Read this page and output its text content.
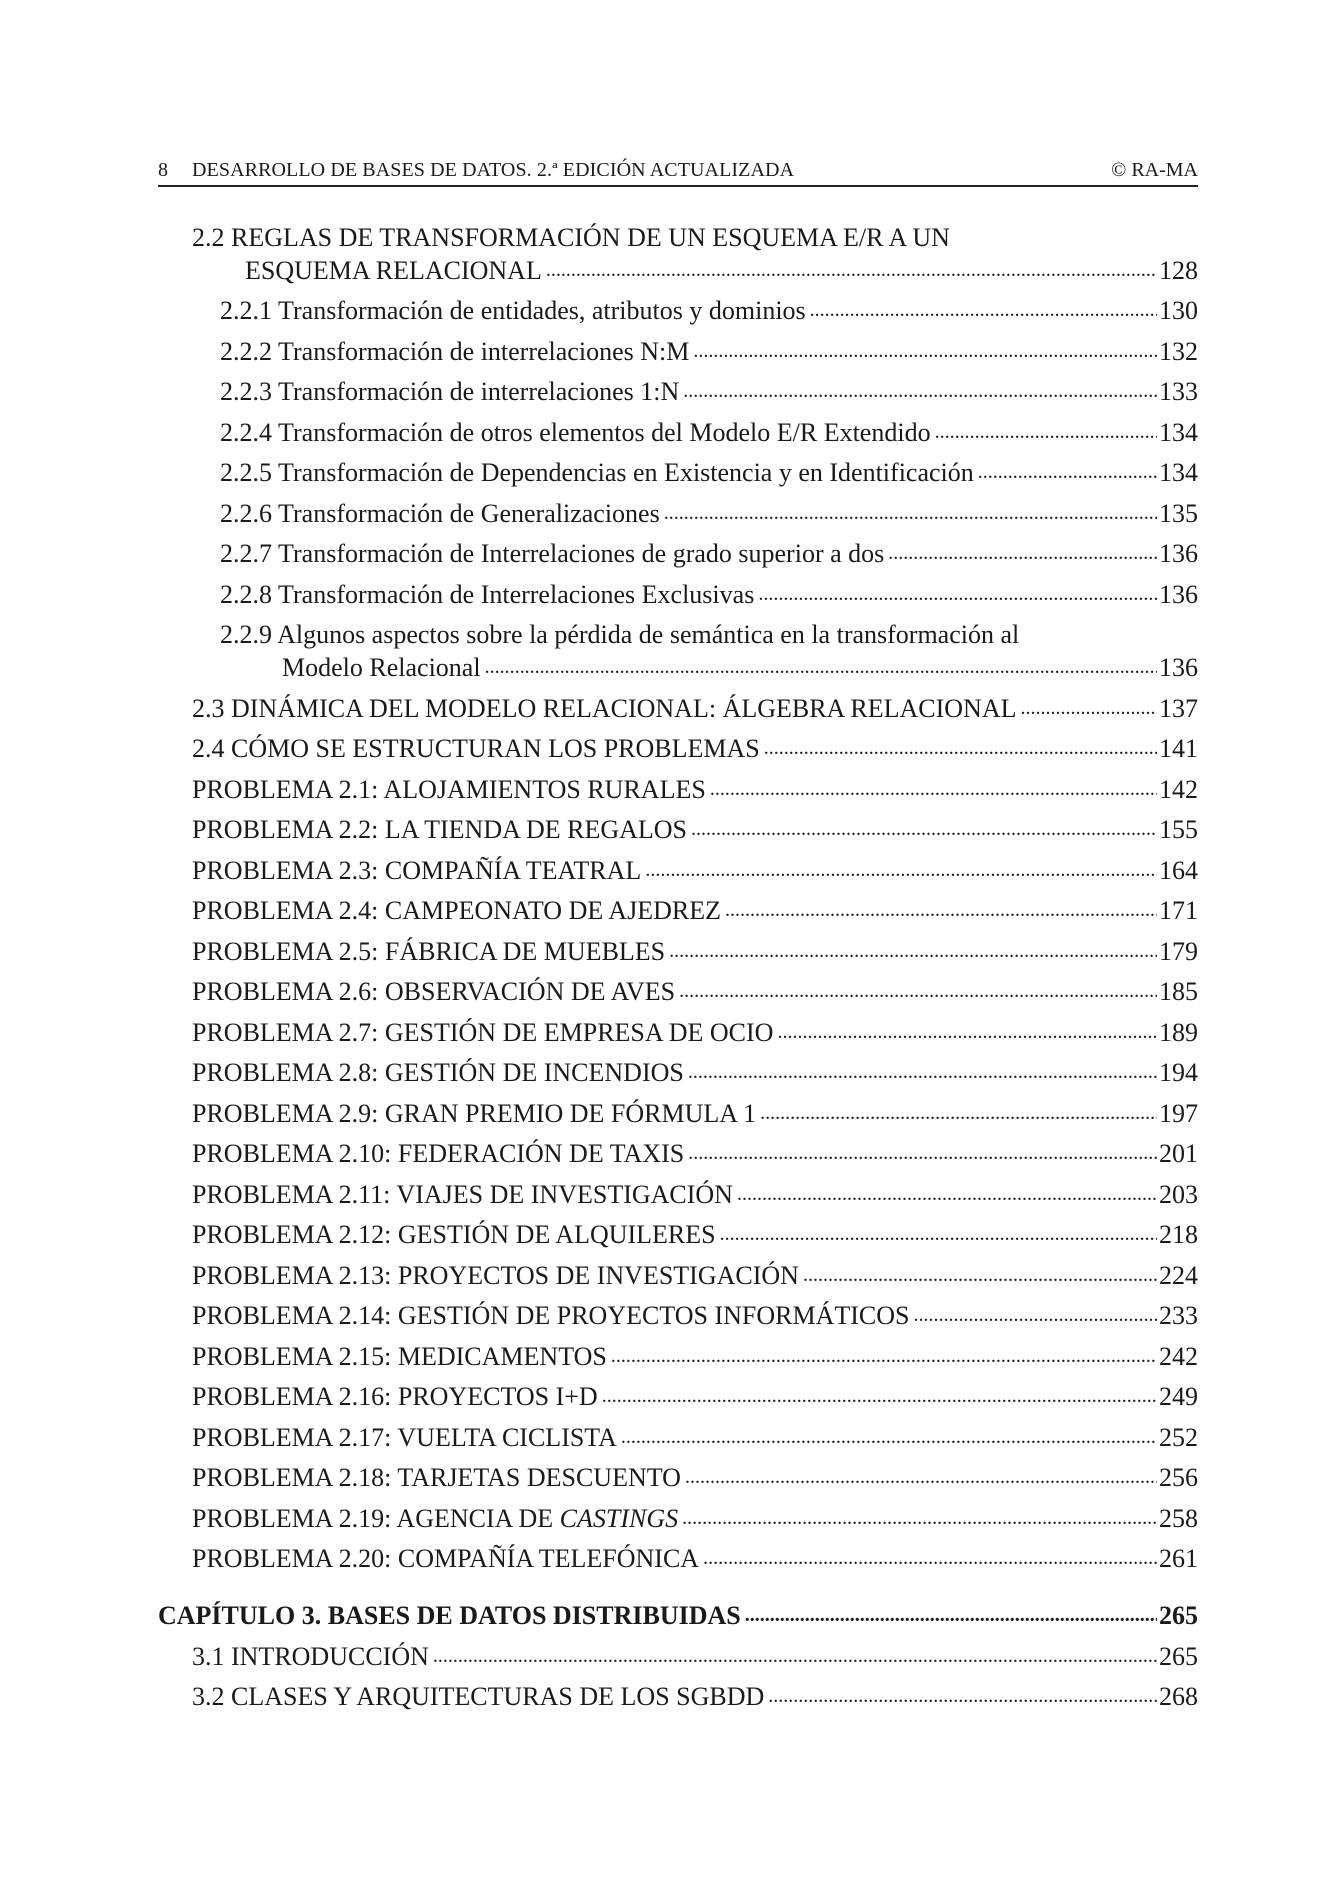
8 DESARROLLO DE BASES DE DATOS. 2.ª EDICIÓN ACTUALIZADA	© RA-MA
2.2 REGLAS DE TRANSFORMACIÓN DE UN ESQUEMA E/R A UN
ESQUEMA RELACIONAL .....	128
2.2.1 Transformación de entidades, atributos y dominios .....	130
2.2.2 Transformación de interrelaciones N:M .....	132
2.2.3 Transformación de interrelaciones 1:N .....	133
2.2.4 Transformación de otros elementos del Modelo E/R Extendido .....	134
2.2.5 Transformación de Dependencias en Existencia y en Identificación .....	134
2.2.6 Transformación de Generalizaciones .....	135
2.2.7 Transformación de Interrelaciones de grado superior a dos .....	136
2.2.8 Transformación de Interrelaciones Exclusivas .....	136
2.2.9 Algunos aspectos sobre la pérdida de semántica en la transformación al
Modelo Relacional .....	136
2.3 DINÁMICA DEL MODELO RELACIONAL: ÁLGEBRA RELACIONAL .....	137
2.4 CÓMO SE ESTRUCTURAN LOS PROBLEMAS .....	141
PROBLEMA 2.1: ALOJAMIENTOS RURALES .....	142
PROBLEMA 2.2: LA TIENDA DE REGALOS .....	155
PROBLEMA 2.3: COMPAÑÍA TEATRAL .....	164
PROBLEMA 2.4: CAMPEONATO DE AJEDREZ .....	171
PROBLEMA 2.5: FÁBRICA DE MUEBLES .....	179
PROBLEMA 2.6: OBSERVACIÓN DE AVES .....	185
PROBLEMA 2.7: GESTIÓN DE EMPRESA DE OCIO .....	189
PROBLEMA 2.8: GESTIÓN DE INCENDIOS .....	194
PROBLEMA 2.9: GRAN PREMIO DE FÓRMULA 1 .....	197
PROBLEMA 2.10: FEDERACIÓN DE TAXIS .....	201
PROBLEMA 2.11: VIAJES DE INVESTIGACIÓN .....	203
PROBLEMA 2.12: GESTIÓN DE ALQUILERES .....	218
PROBLEMA 2.13: PROYECTOS DE INVESTIGACIÓN .....	224
PROBLEMA 2.14: GESTIÓN DE PROYECTOS INFORMÁTICOS .....	233
PROBLEMA 2.15: MEDICAMENTOS .....	242
PROBLEMA 2.16: PROYECTOS I+D .....	249
PROBLEMA 2.17: VUELTA CICLISTA .....	252
PROBLEMA 2.18: TARJETAS DESCUENTO .....	256
PROBLEMA 2.19: AGENCIA DE CASTINGS .....	258
PROBLEMA 2.20: COMPAÑÍA TELEFÓNICA .....	261
CAPÍTULO 3. BASES DE DATOS DISTRIBUIDAS .....	265
3.1 INTRODUCCIÓN .....	265
3.2 CLASES Y ARQUITECTURAS DE LOS SGBDD .....	268
